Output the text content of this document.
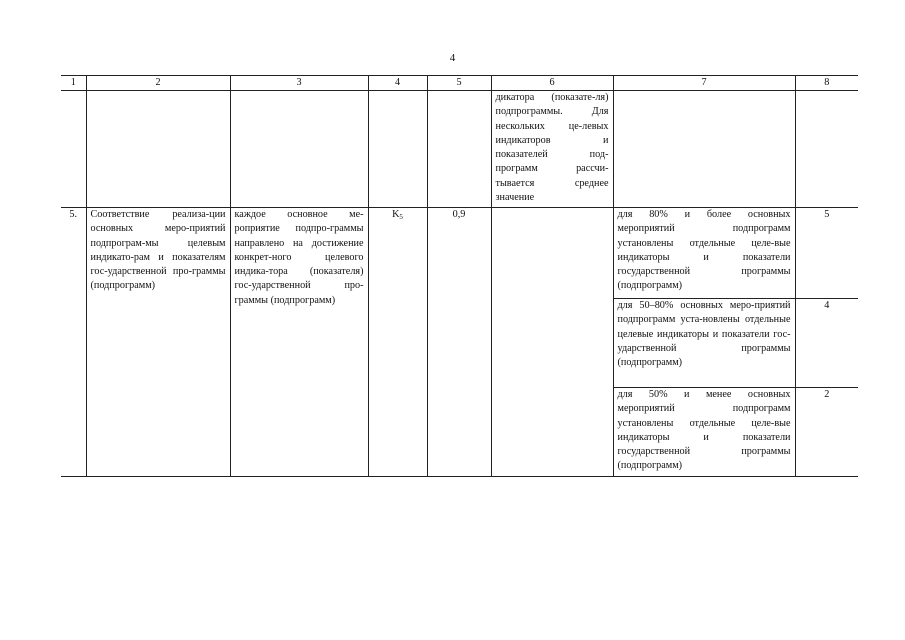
4
1	2	3	4	5	6	7	8
					дикатора (показате-ля) подпрограммы. Для нескольких це-левых индикаторов и показателей под-программ рассчи-тывается среднее значение		
5.	Соответствие реализа-ции основных меро-приятий подпрограм-мы целевым индикато-рам и показателям гос-ударственной про-граммы (подпрограмм)	каждое основное ме-роприятие подпро-граммы направлено на достижение конкрет-ного целевого индика-тора (показателя) гос-ударственной про-граммы (подпрограмм)	$K_5$	0,9		для 80% и более основных мероприятий подпрограмм установлены отдельные целе-вые индикаторы и показатели государственной программы (подпрограмм)	5
						для 50–80% основных меро-приятий подпрограмм уста-новлены отдельные целевые индикаторы и показатели гос-ударственной программы (подпрограмм)	4
						для 50% и менее основных мероприятий подпрограмм установлены отдельные целе-вые индикаторы и показатели государственной программы (подпрограмм)	2
